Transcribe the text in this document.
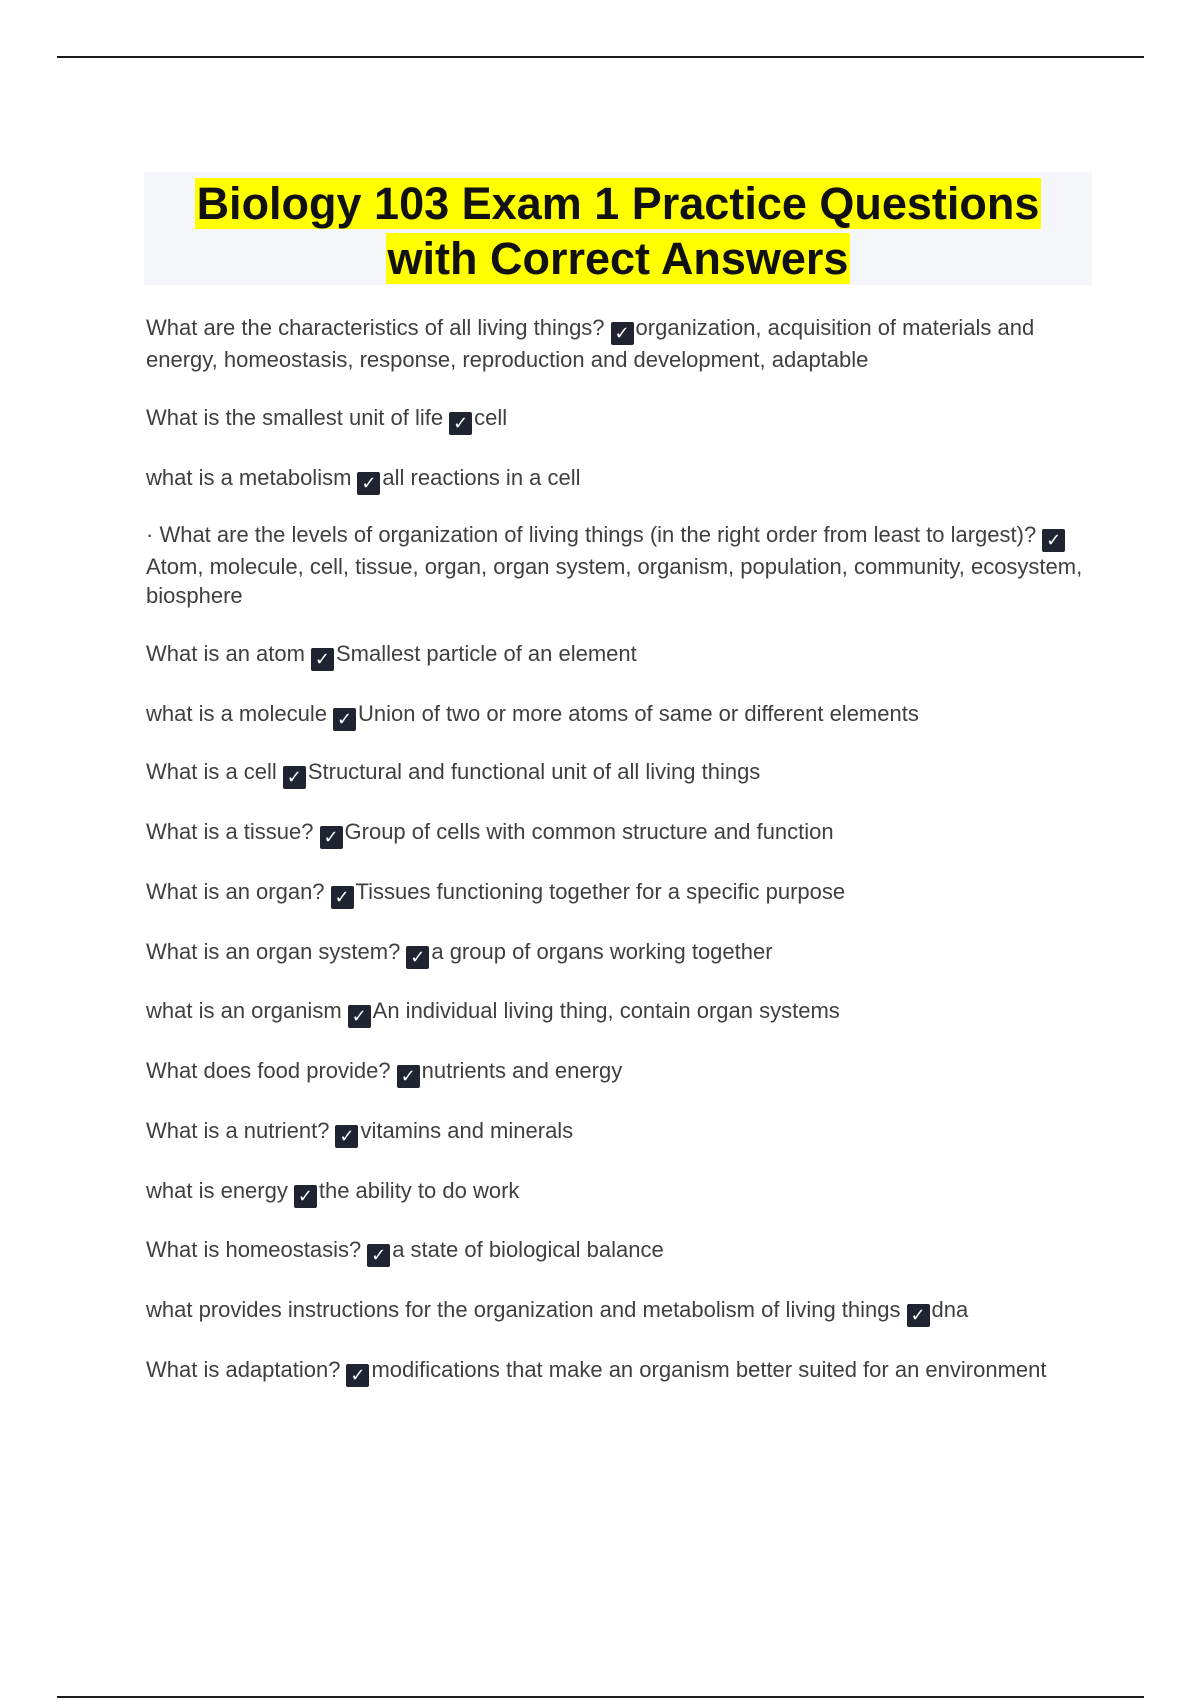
Biology 103 Exam 1 Practice Questions
with Correct Answers
What are the characteristics of all living things? ✓ organization, acquisition of materials and energy, homeostasis, response, reproduction and development, adaptable
What is the smallest unit of life ✓ cell
what is a metabolism ✓ all reactions in a cell
· What are the levels of organization of living things (in the right order from least to largest)? ✓Atom, molecule, cell, tissue, organ, organ system, organism, population, community, ecosystem, biosphere
What is an atom ✓ Smallest particle of an element
what is a molecule ✓ Union of two or more atoms of same or different elements
What is a cell ✓ Structural and functional unit of all living things
What is a tissue? ✓ Group of cells with common structure and function
What is an organ? ✓ Tissues functioning together for a specific purpose
What is an organ system? ✓ a group of organs working together
what is an organism ✓ An individual living thing, contain organ systems
What does food provide? ✓ nutrients and energy
What is a nutrient? ✓ vitamins and minerals
what is energy ✓ the ability to do work
What is homeostasis? ✓ a state of biological balance
what provides instructions for the organization and metabolism of living things ✓ dna
What is adaptation? ✓ modifications that make an organism better suited for an environment
